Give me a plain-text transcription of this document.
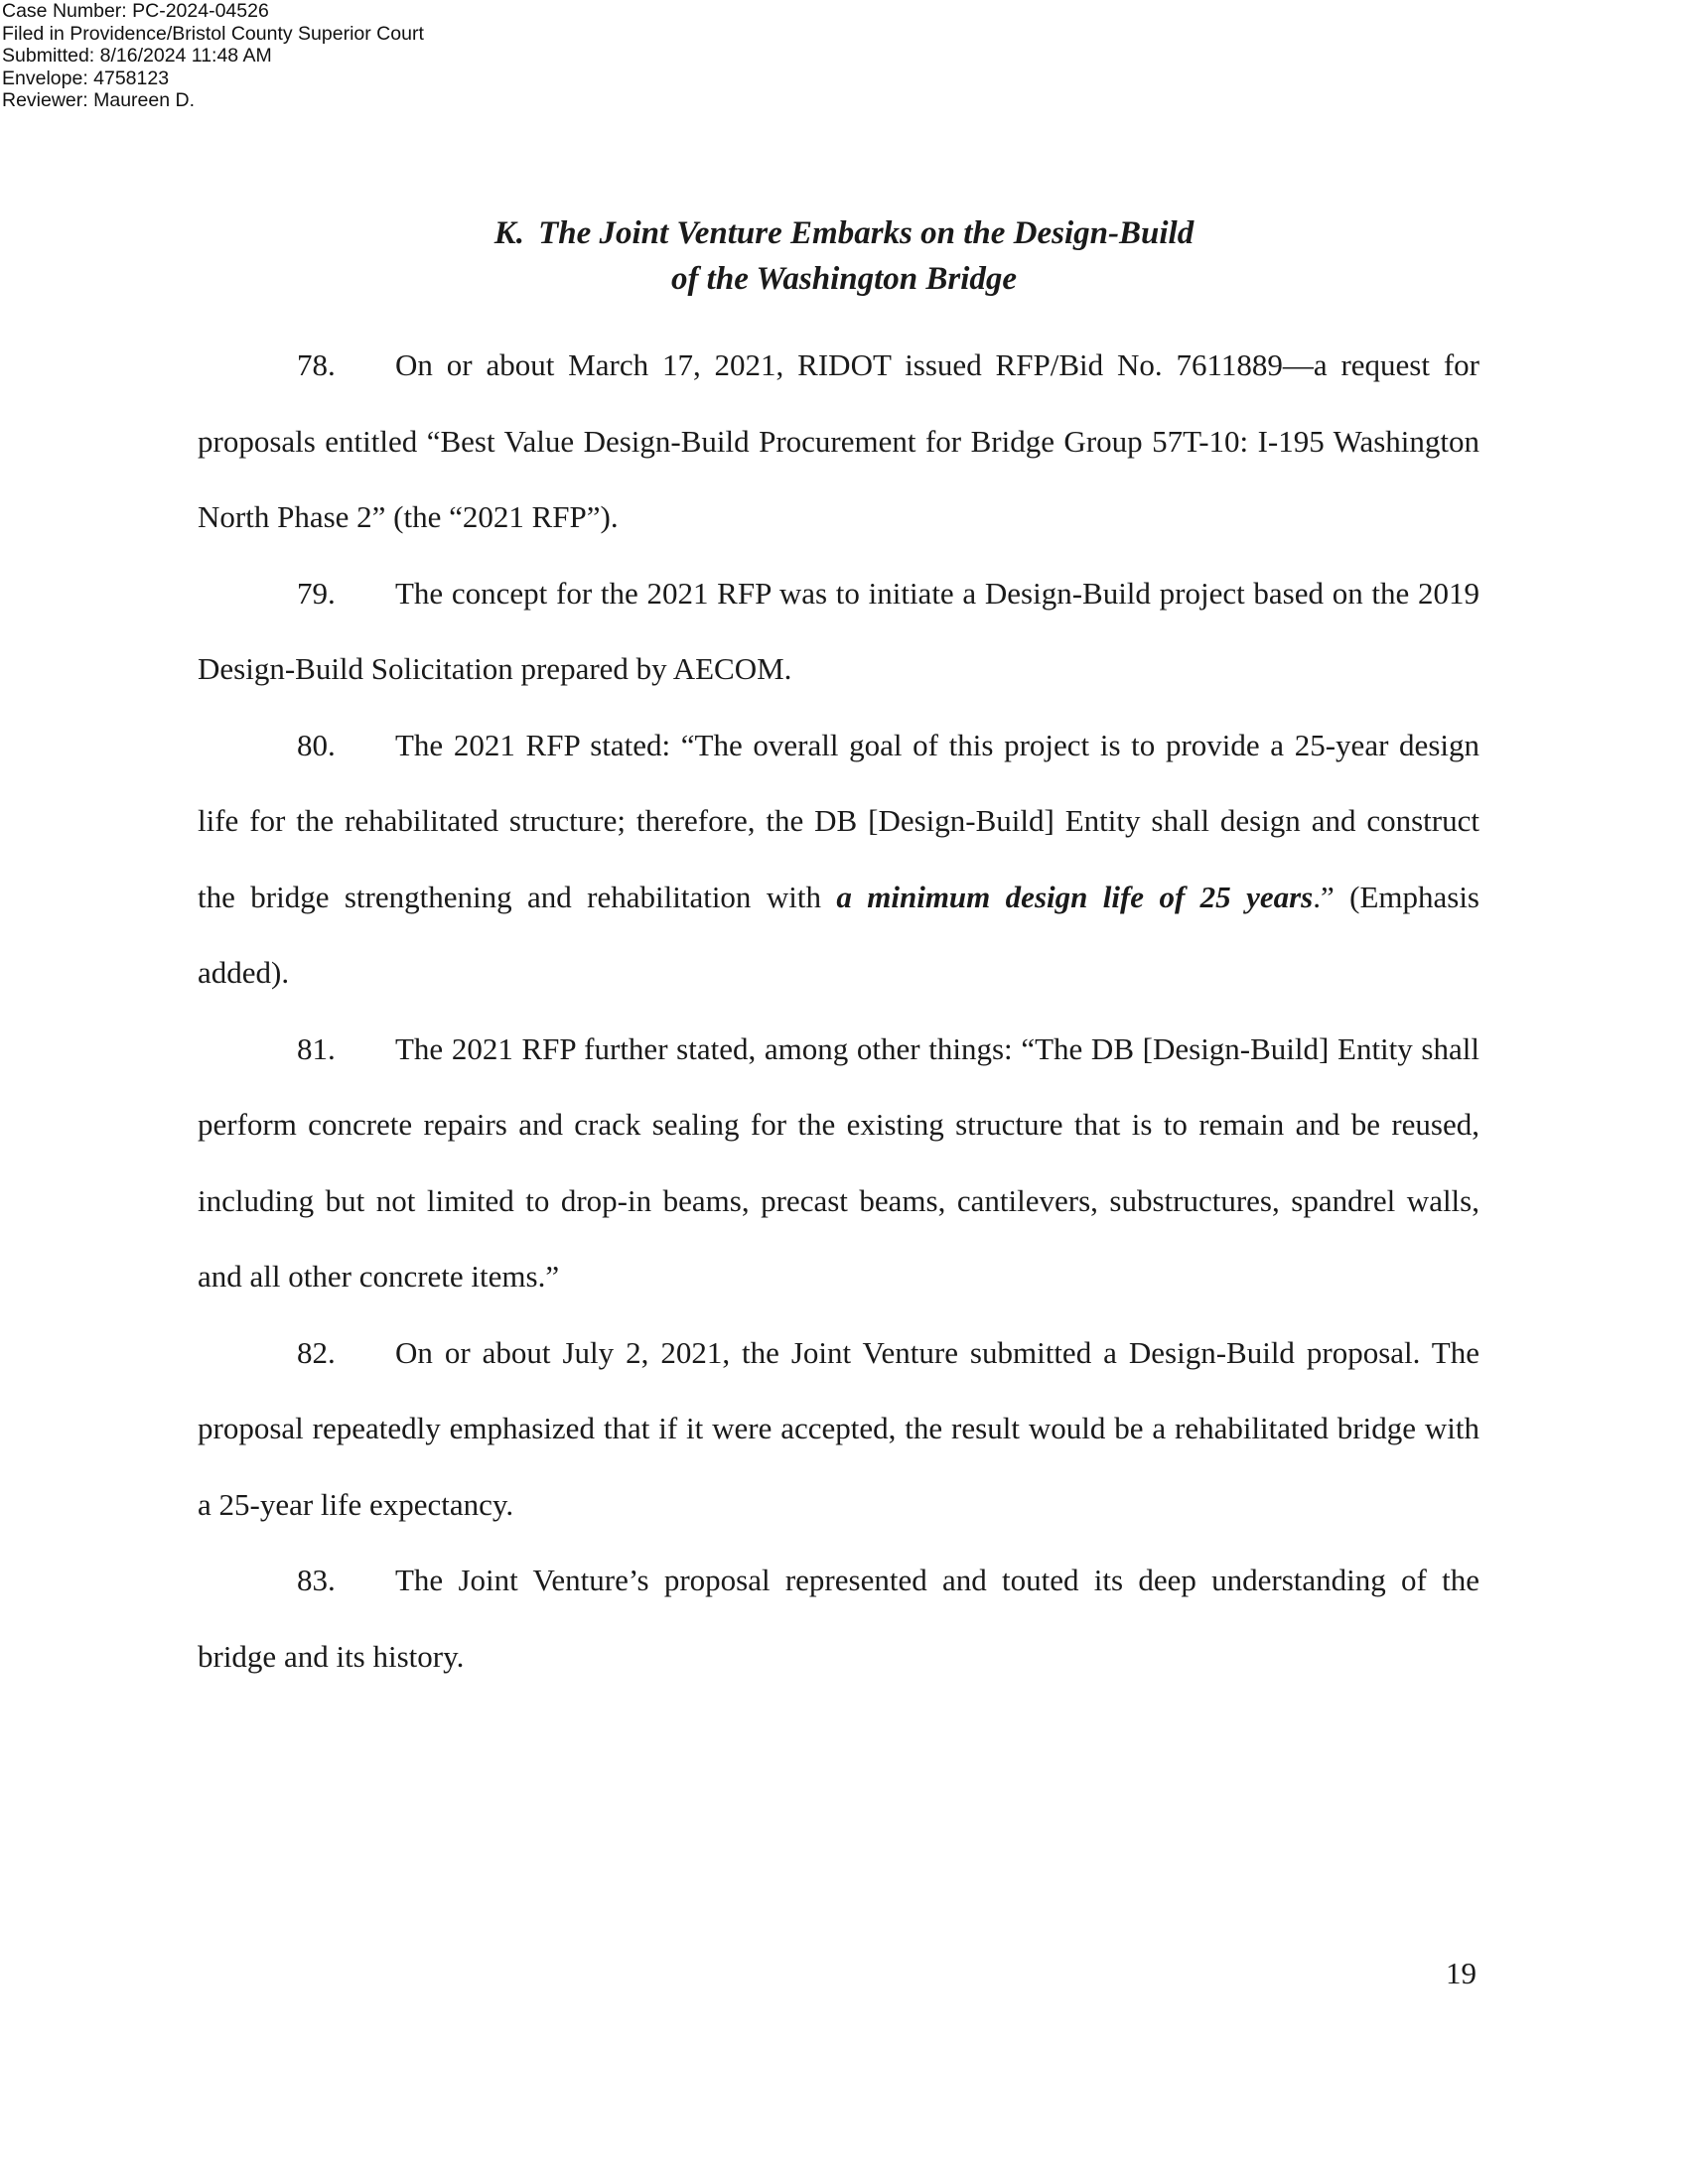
Case Number: PC-2024-04526
Filed in Providence/Bristol County Superior Court
Submitted: 8/16/2024 11:48 AM
Envelope: 4758123
Reviewer: Maureen D.
K. The Joint Venture Embarks on the Design-Build
of the Washington Bridge

78. On or about March 17, 2021, RIDOT issued RFP/Bid No. 7611889—a request for proposals entitled “Best Value Design-Build Procurement for Bridge Group 57T-10: I-195 Washington North Phase 2” (the “2021 RFP”).

79. The concept for the 2021 RFP was to initiate a Design-Build project based on the 2019 Design-Build Solicitation prepared by AECOM.

80. The 2021 RFP stated: “The overall goal of this project is to provide a 25-year design life for the rehabilitated structure; therefore, the DB [Design-Build] Entity shall design and construct the bridge strengthening and rehabilitation with a minimum design life of 25 years.” (Emphasis added).

81. The 2021 RFP further stated, among other things: “The DB [Design-Build] Entity shall perform concrete repairs and crack sealing for the existing structure that is to remain and be reused, including but not limited to drop-in beams, precast beams, cantilevers, substructures, spandrel walls, and all other concrete items.”

82. On or about July 2, 2021, the Joint Venture submitted a Design-Build proposal. The proposal repeatedly emphasized that if it were accepted, the result would be a rehabilitated bridge with a 25-year life expectancy.

83. The Joint Venture’s proposal represented and touted its deep understanding of the bridge and its history.

19
